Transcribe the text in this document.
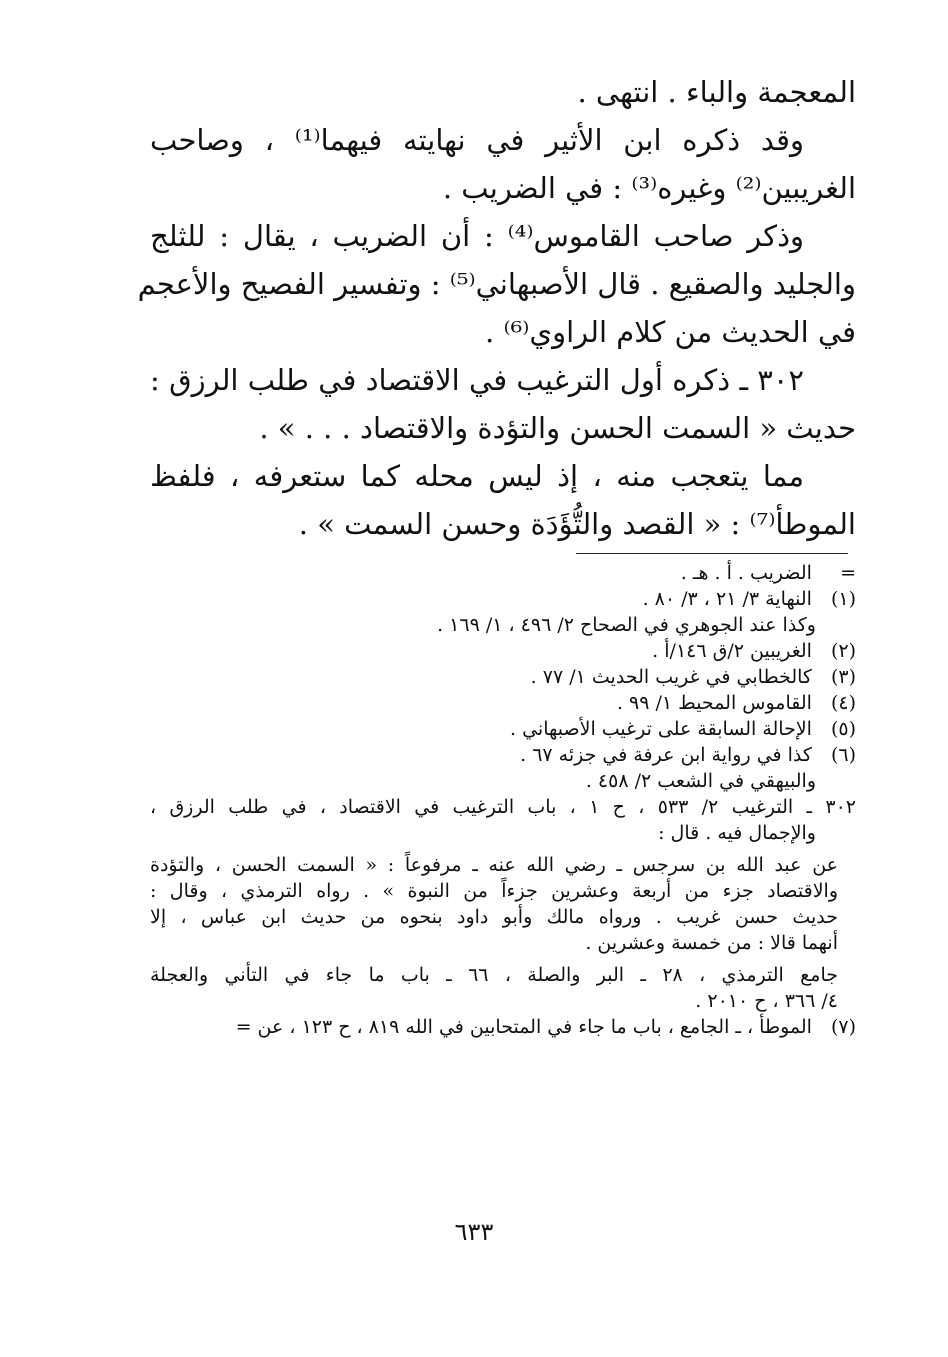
المعجمة والباء . انتهى .
وقد ذكره ابن الأثير في نهايته فيهما⁽¹⁾ ، وصاحب
الغريبين⁽²⁾ وغيره⁽³⁾ : في الضريب .
وذكر صاحب القاموس⁽⁴⁾ : أن الضريب ، يقال : للثلج
والجليد والصقيع . قال الأصبهاني⁽⁵⁾ : وتفسير الفصيح والأعجم
في الحديث من كلام الراوي⁽⁶⁾ .
٣٠٢ ـ ذكره أول الترغيب في الاقتصاد في طلب الرزق :
حديث « السمت الحسن والتؤدة والاقتصاد . . . » .
مما يتعجب منه ، إذ ليس محله كما ستعرفه ، فلفظ
الموطأ⁽⁷⁾ : « القصد والتُّؤَدَة وحسن السمت » .
= الضريب . أ . هـ .
(١) النهاية ٣/ ٢١ ، ٣/ ٨٠ .
وكذا عند الجوهري في الصحاح ٢/ ٤٩٦ ، ١/ ١٦٩ .
(٢) الغريبين ٢/ق ١٤٦/أ .
(٣) كالخطابي في غريب الحديث ١/ ٧٧ .
(٤) القاموس المحيط ١/ ٩٩ .
(٥) الإحالة السابقة على ترغيب الأصبهاني .
(٦) كذا في رواية ابن عرفة في جزئه ٦٧ .
والبيهقي في الشعب ٢/ ٤٥٨ .
٣٠٢ ـ الترغيب ٢/ ٥٣٣ ، ح ١ ، باب الترغيب في الاقتصاد ، في طلب الرزق ،
والإجمال فيه . قال :
عن عبد الله بن سرجس ـ رضي الله عنه ـ مرفوعاً : « السمت الحسن ، والتؤدة
والاقتصاد جزء من أربعة وعشرين جزءاً من النبوة » . رواه الترمذي ، وقال :
حديث حسن غريب . ورواه مالك وأبو داود بنحوه من حديث ابن عباس ، إلا
أنهما قالا : من خمسة وعشرين .
جامع الترمذي ، ٢٨ ـ البر والصلة ، ٦٦ ـ باب ما جاء في التأني والعجلة
٤/ ٣٦٦ ، ح ٢٠١٠ .
(٧) الموطأ ، ـ الجامع ، باب ما جاء في المتحابين في الله ٨١٩ ، ح ١٢٣ ، عن =
٦٣٣
